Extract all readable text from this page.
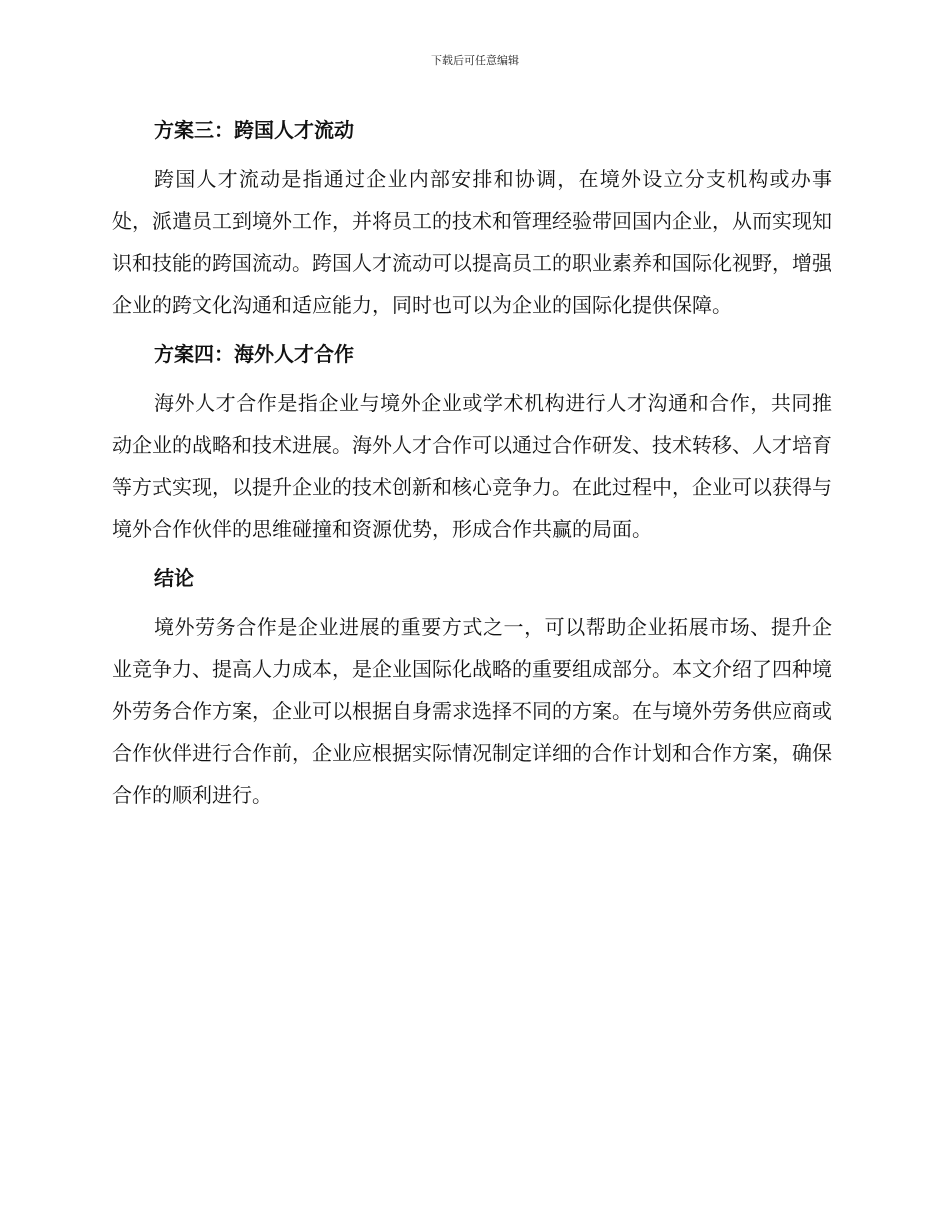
下载后可任意编辑
方案三：跨国人才流动

跨国人才流动是指通过企业内部安排和协调，在境外设立分支机构或办事处，派遣员工到境外工作，并将员工的技术和管理经验带回国内企业，从而实现知识和技能的跨国流动。跨国人才流动可以提高员工的职业素养和国际化视野，增强企业的跨文化沟通和适应能力，同时也可以为企业的国际化提供保障。

方案四：海外人才合作

海外人才合作是指企业与境外企业或学术机构进行人才沟通和合作，共同推动企业的战略和技术进展。海外人才合作可以通过合作研发、技术转移、人才培育等方式实现，以提升企业的技术创新和核心竞争力。在此过程中，企业可以获得与境外合作伙伴的思维碰撞和资源优势，形成合作共赢的局面。

结论

境外劳务合作是企业进展的重要方式之一，可以帮助企业拓展市场、提升企业竞争力、提高人力成本，是企业国际化战略的重要组成部分。本文介绍了四种境外劳务合作方案，企业可以根据自身需求选择不同的方案。在与境外劳务供应商或合作伙伴进行合作前，企业应根据实际情况制定详细的合作计划和合作方案，确保合作的顺利进行。
